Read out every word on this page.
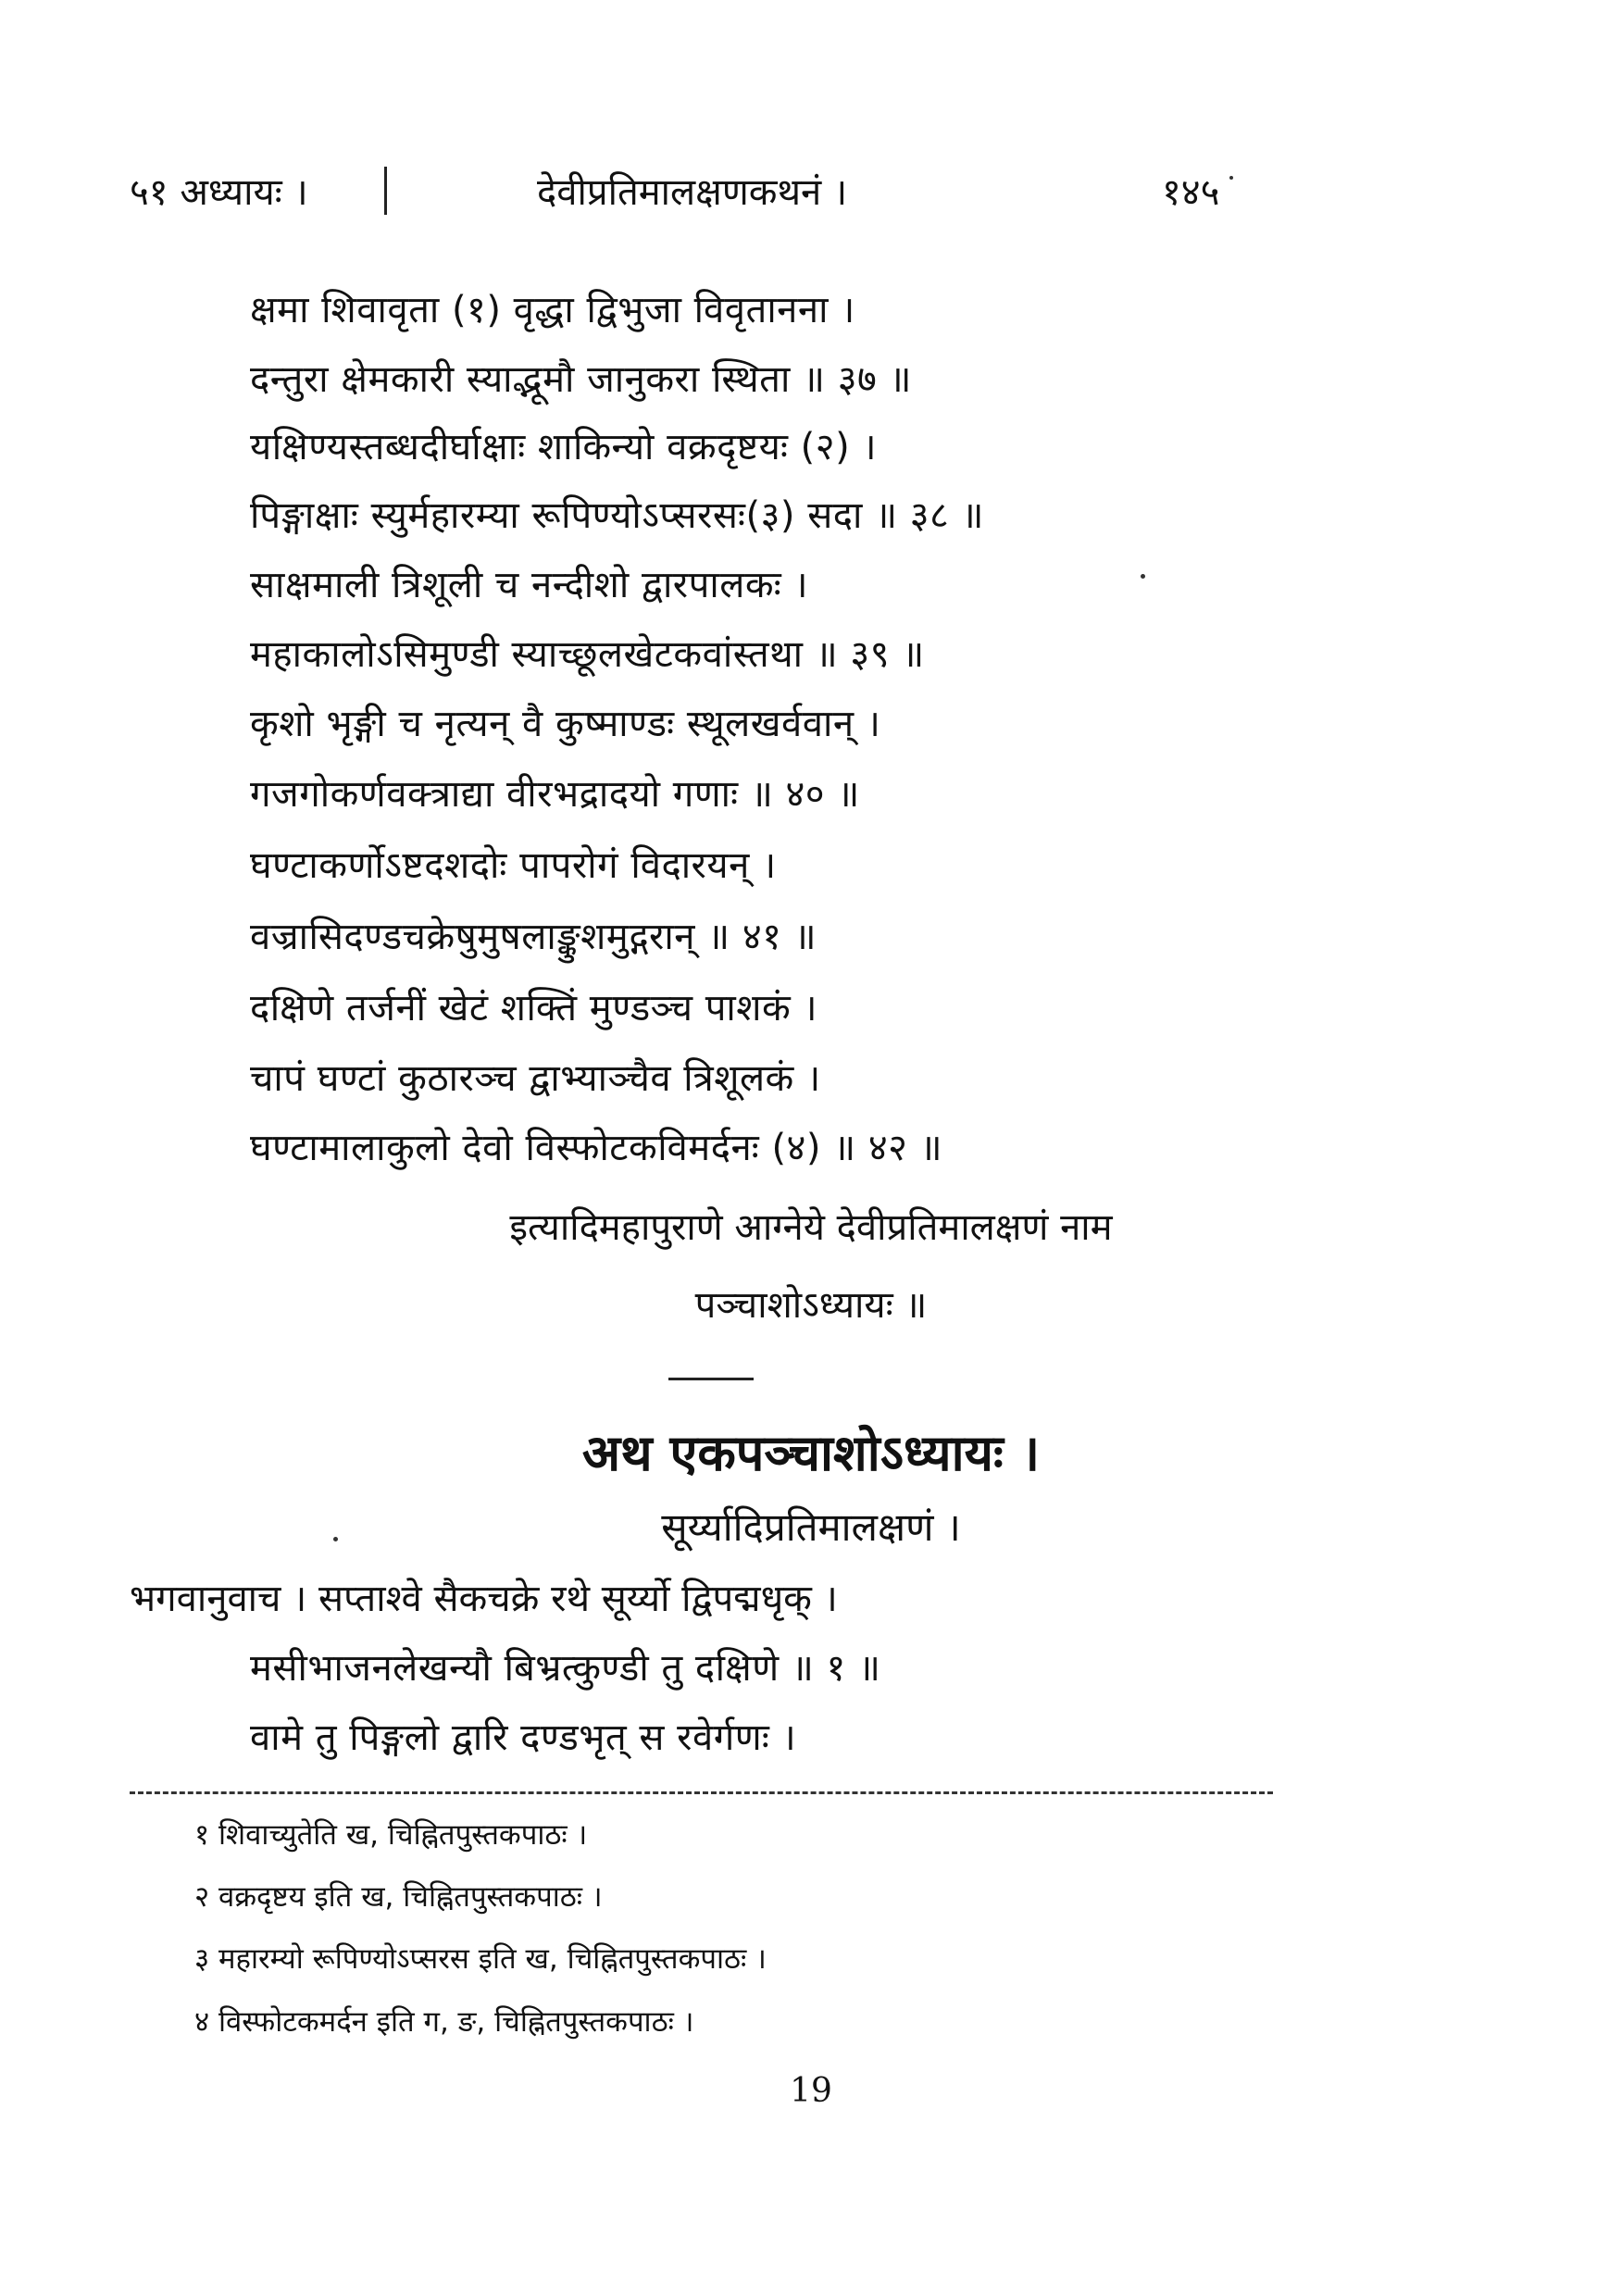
५१ अध्यायः ।	देवीप्रतिमालक्षणकथनं ।	१४५
क्षमा शिवावृता (१) वृद्धा द्विभुजा विवृतानना ।
दन्तुरा क्षेमकारी स्याद्भूमौ जानुकरा स्थिता ॥ ३७ ॥
यक्षिण्यस्तब्धदीर्घाक्षाः शाकिन्यो वक्रदृष्टयः (२) ।
पिङ्गाक्षाः स्युर्महारम्या रूपिण्योऽप्सरसः(३) सदा ॥ ३८ ॥
साक्षमाली त्रिशूली च नन्दीशो द्वारपालकः ।
महाकालोऽसिमुण्डी स्याच्छूलखेटकवांस्तथा ॥ ३९ ॥
कृशो भृङ्गी च नृत्यन् वै कुष्माण्डः स्थूलखर्ववान् ।
गजगोकर्णवक्त्राद्या वीरभद्रादयो गणाः ॥ ४० ॥
घण्टाकर्णोऽष्टदशदोः पापरोगं विदारयन् ।
वज्रासिदण्डचक्रेषुमुषलाङ्कुशमुद्गरान् ॥ ४१ ॥
दक्षिणे तर्जनीं खेटं शक्तिं मुण्डञ्च पाशकं ।
चापं घण्टां कुठारञ्च द्वाभ्याञ्चैव त्रिशूलकं ।
घण्टामालाकुलो देवो विस्फोटकविमर्दनः (४) ॥ ४२ ॥
इत्यादिमहापुराणे आग्नेये देवीप्रतिमालक्षणं नाम
पञ्चाशोऽध्यायः ॥
अथ एकपञ्चाशोऽध्यायः ।
सूर्य्यादिप्रतिमालक्षणं ।
भगवानुवाच । सप्ताश्वे सैकचक्रे रथे सूर्य्यो द्विपद्मधृक् ।
मसीभाजनलेखन्यौ बिभ्रत्कुण्डी तु दक्षिणे ॥ १ ॥
वामे तु पिङ्गलो द्वारि दण्डभृत् स रवेर्गणः ।
१ शिवाच्युतेति ख, चिह्नितपुस्तकपाठः ।
२ वक्रदृष्टय इति ख, चिह्नितपुस्तकपाठः ।
३ महारम्यो रूपिण्योऽप्सरस इति ख, चिह्नितपुस्तकपाठः ।
४ विस्फोटकमर्दन इति ग, ङ, चिह्नितपुस्तकपाठः ।
19
